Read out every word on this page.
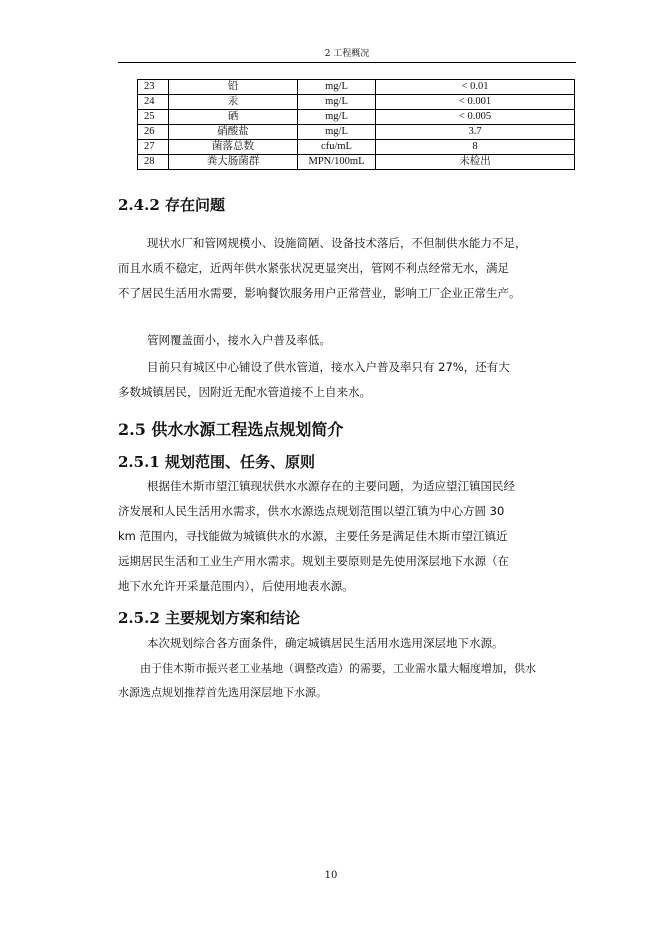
2 工程概况
23	铅	mg/L	< 0.01
24	汞	mg/L	< 0.001
25	硒	mg/L	< 0.005
26	硝酸盐	mg/L	3.7
27	菌落总数	cfu/mL	8
28	粪大肠菌群	MPN/100mL	未检出
2.4.2 存在问题
现状水厂和管网规模小、设施简陋、设备技术落后，不但制供水能力不足，
而且水质不稳定，近两年供水紧张状况更显突出，管网不利点经常无水，满足
不了居民生活用水需要，影响餐饮服务用户正常营业，影响工厂企业正常生产。
管网覆盖面小，接水入户普及率低。
目前只有城区中心铺设了供水管道，接水入户普及率只有 27%，还有大
多数城镇居民，因附近无配水管道接不上自来水。
2.5 供水水源工程选点规划简介
2.5.1 规划范围、任务、原则
根据佳木斯市望江镇现状供水水源存在的主要问题，为适应望江镇国民经
济发展和人民生活用水需求，供水水源选点规划范围以望江镇为中心方圆 30
km 范围内，寻找能做为城镇供水的水源，主要任务是满足佳木斯市望江镇近
远期居民生活和工业生产用水需求。规划主要原则是先使用深层地下水源（在
地下水允许开采量范围内），后使用地表水源。
2.5.2 主要规划方案和结论
本次规划综合各方面条件，确定城镇居民生活用水选用深层地下水源。
由于佳木斯市振兴老工业基地（调整改造）的需要，工业需水量大幅度增加，供水
水源选点规划推荐首先选用深层地下水源。
10
